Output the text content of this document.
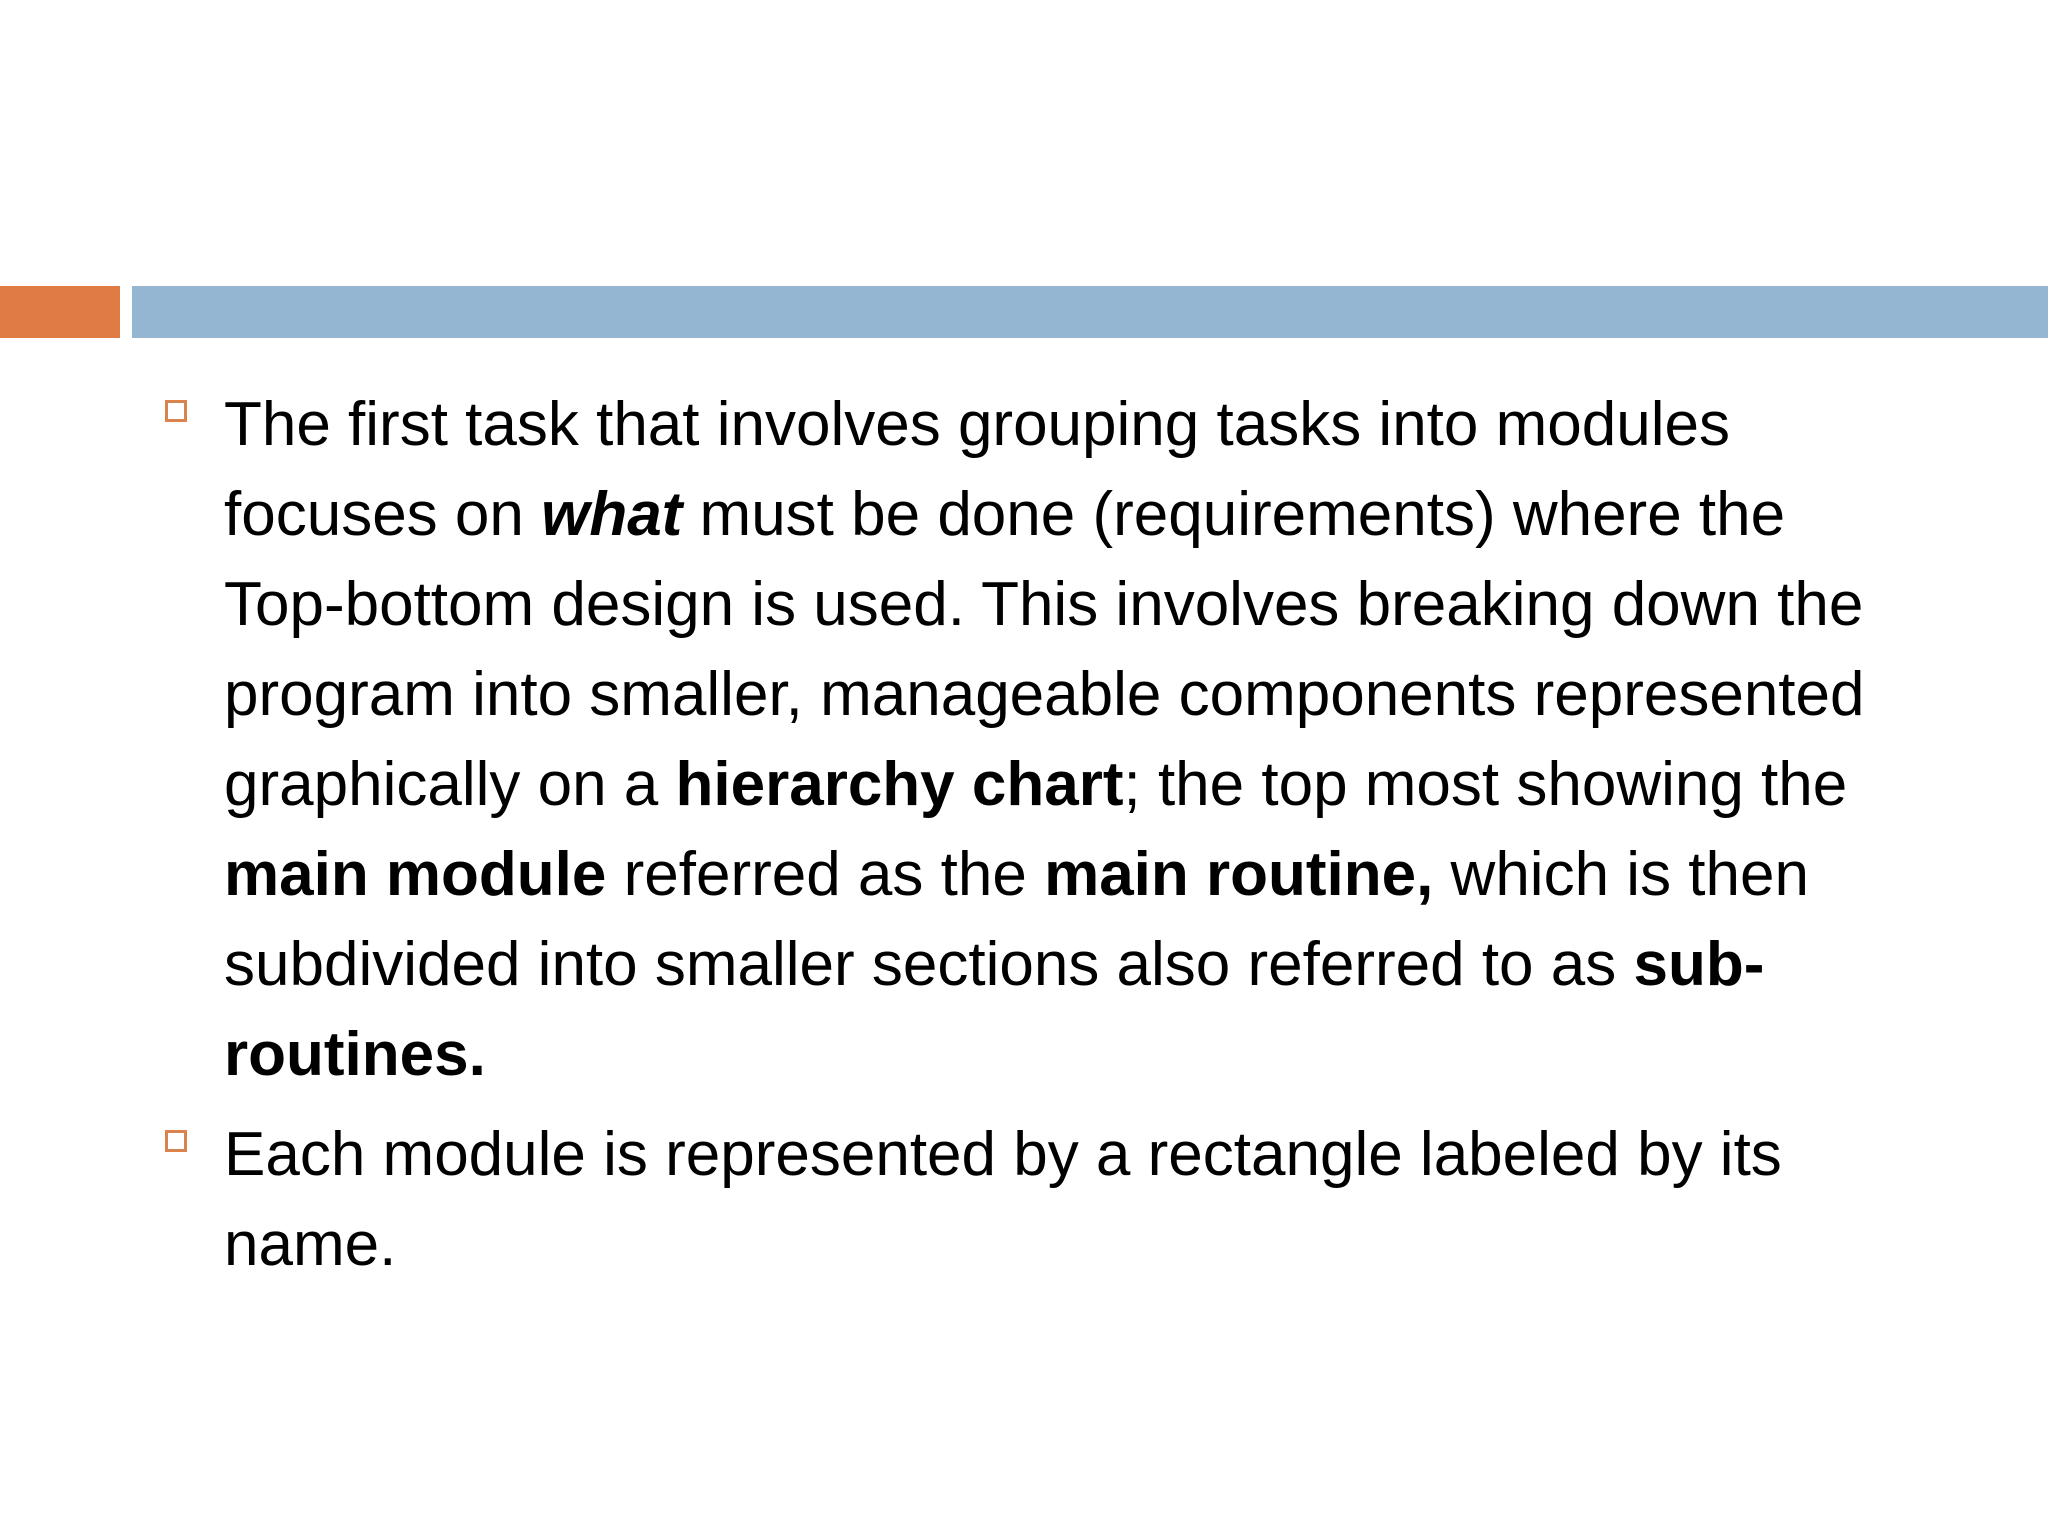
The first task that involves grouping tasks into modules focuses on what must be done (requirements) where the Top-bottom design is used. This involves breaking down the program into smaller, manageable components represented graphically on a hierarchy chart; the top most showing the main module referred as the main routine, which is then subdivided into smaller sections also referred to as sub-routines.
Each module is represented by a rectangle labeled by its name.
